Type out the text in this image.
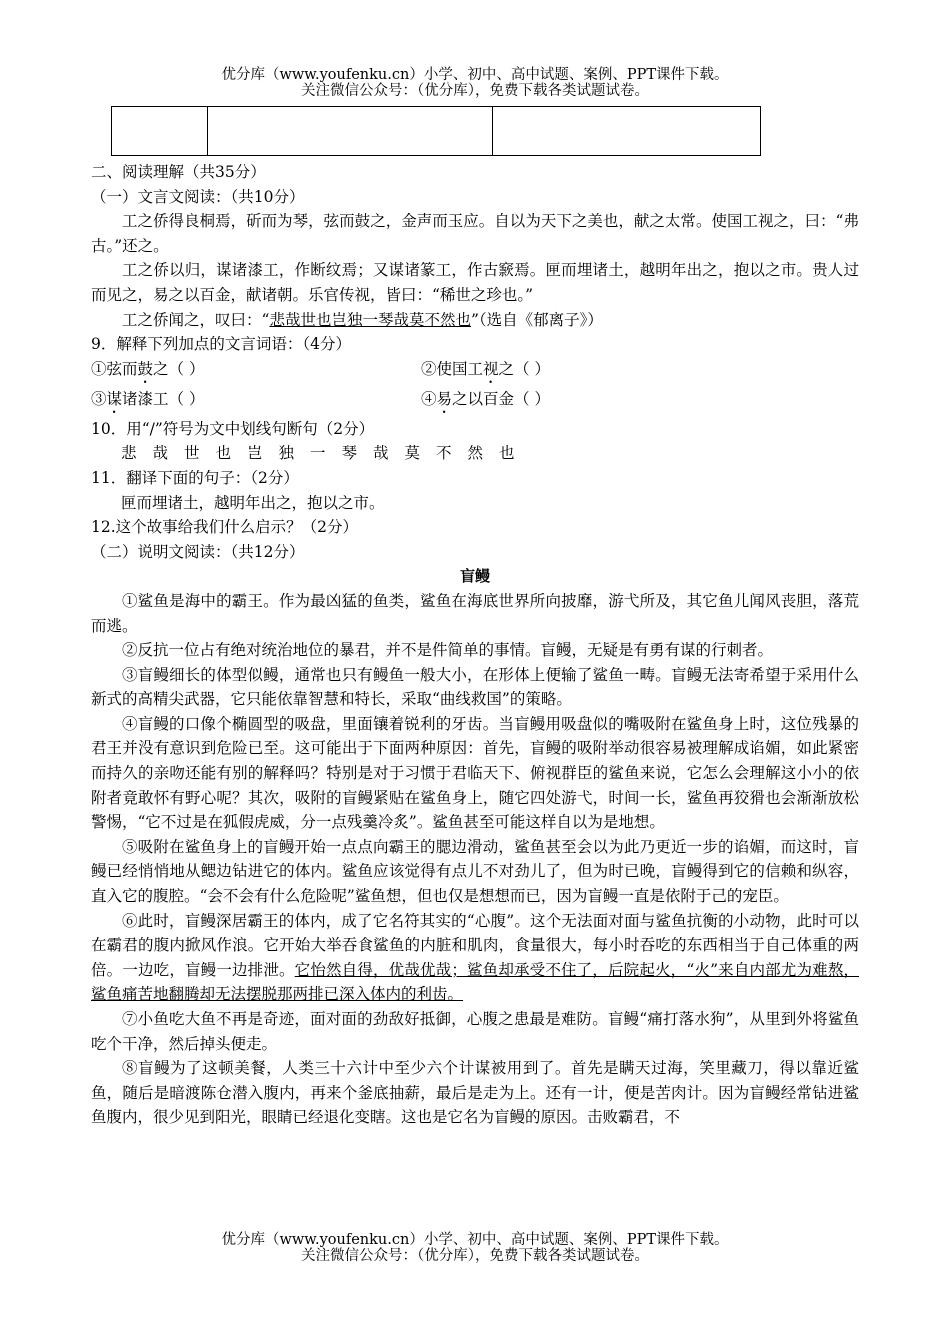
优分库（www.youfenku.cn）小学、初中、高中试题、案例、PPT课件下载。
关注微信公众号：（优分库），免费下载各类试题试卷。
二、阅读理解（共35分）
（一）文言文阅读：（共10分）
工之侨得良桐焉，斫而为琴，弦而鼓之，金声而玉应。自以为天下之美也，献之太常。使国工视之，曰：“弗古。”还之。
工之侨以归，谋诸漆工，作断纹焉；又谋诸篆工，作古窾焉。匣而埋诸土，越明年出之，抱以之市。贵人过而见之，易之以百金，献诸朝。乐官传视，皆曰：“稀世之珍也。”
工之侨闻之，叹曰：“悲哉世也岂独一琴哉莫不然也”（选自《郁离子》）
9．解释下列加点的文言词语：（4分）
①弦而鼓之（ ）	②使国工视之（ ）
③谋诸漆工（ ）	④易之以百金（ ）
10．用“/”符号为文中划线句断句（2分）
悲哉世也岂独一琴哉莫不然也
11．翻译下面的句子：（2分）
匣而埋诸土，越明年出之，抱以之市。
12.这个故事给我们什么启示？（2分）
（二）说明文阅读：（共12分）
盲鳗
①鲨鱼是海中的霸王。作为最凶猛的鱼类，鲨鱼在海底世界所向披靡，游弋所及，其它鱼儿闻风丧胆，落荒而逃。
②反抗一位占有绝对统治地位的暴君，并不是件简单的事情。盲鳗，无疑是有勇有谋的行刺者。
③盲鳗细长的体型似鳗，通常也只有鳗鱼一般大小，在形体上便输了鲨鱼一畴。盲鳗无法寄希望于采用什么新式的高精尖武器，它只能依靠智慧和特长，采取“曲线救国”的策略。
④盲鳗的口像个椭圆型的吸盘，里面镶着锐利的牙齿。当盲鳗用吸盘似的嘴吸附在鲨鱼身上时，这位残暴的君王并没有意识到危险已至。这可能出于下面两种原因：首先，盲鳗的吸附举动很容易被理解成谄媚，如此紧密而持久的亲吻还能有别的解释吗？特别是对于习惯于君临天下、俯视群臣的鲨鱼来说，它怎么会理解这小小的依附者竟敢怀有野心呢？其次，吸附的盲鳗紧贴在鲨鱼身上，随它四处游弋，时间一长，鲨鱼再狡猾也会渐渐放松警惕，“它不过是在狐假虎威，分一点残羹冷炙”。鲨鱼甚至可能这样自以为是地想。
⑤吸附在鲨鱼身上的盲鳗开始一点点向霸王的腮边滑动，鲨鱼甚至会以为此乃更近一步的谄媚，而这时，盲鳗已经悄悄地从鳃边钻进它的体内。鲨鱼应该觉得有点儿不对劲儿了，但为时已晚，盲鳗得到它的信赖和纵容，直入它的腹腔。“会不会有什么危险呢”鲨鱼想，但也仅是想想而已，因为盲鳗一直是依附于己的宠臣。
⑥此时，盲鳗深居霸王的体内，成了它名符其实的“心腹”。这个无法面对面与鲨鱼抗衡的小动物，此时可以在霸君的腹内掀风作浪。它开始大举吞食鲨鱼的内脏和肌肉，食量很大，每小时吞吃的东西相当于自己体重的两倍。一边吃，盲鳗一边排泄。它怡然自得，优哉优哉；鲨鱼却承受不住了，后院起火，“火”来自内部尤为难熬，鲨鱼痛苦地翻腾却无法摆脱那两排已深入体内的利齿。
⑦小鱼吃大鱼不再是奇迹，面对面的劲敌好抵御，心腹之患最是难防。盲鳗“痛打落水狗”，从里到外将鲨鱼吃个干净，然后掉头便走。
⑧盲鳗为了这顿美餐，人类三十六计中至少六个计谋被用到了。首先是瞒天过海，笑里藏刀，得以靠近鲨鱼，随后是暗渡陈仓潜入腹内，再来个釜底抽薪，最后是走为上。还有一计，便是苦肉计。因为盲鳗经常钻进鲨鱼腹内，很少见到阳光，眼睛已经退化变瞎。这也是它名为盲鳗的原因。击败霸君，不
优分库（www.youfenku.cn）小学、初中、高中试题、案例、PPT课件下载。
关注微信公众号：（优分库），免费下载各类试题试卷。
